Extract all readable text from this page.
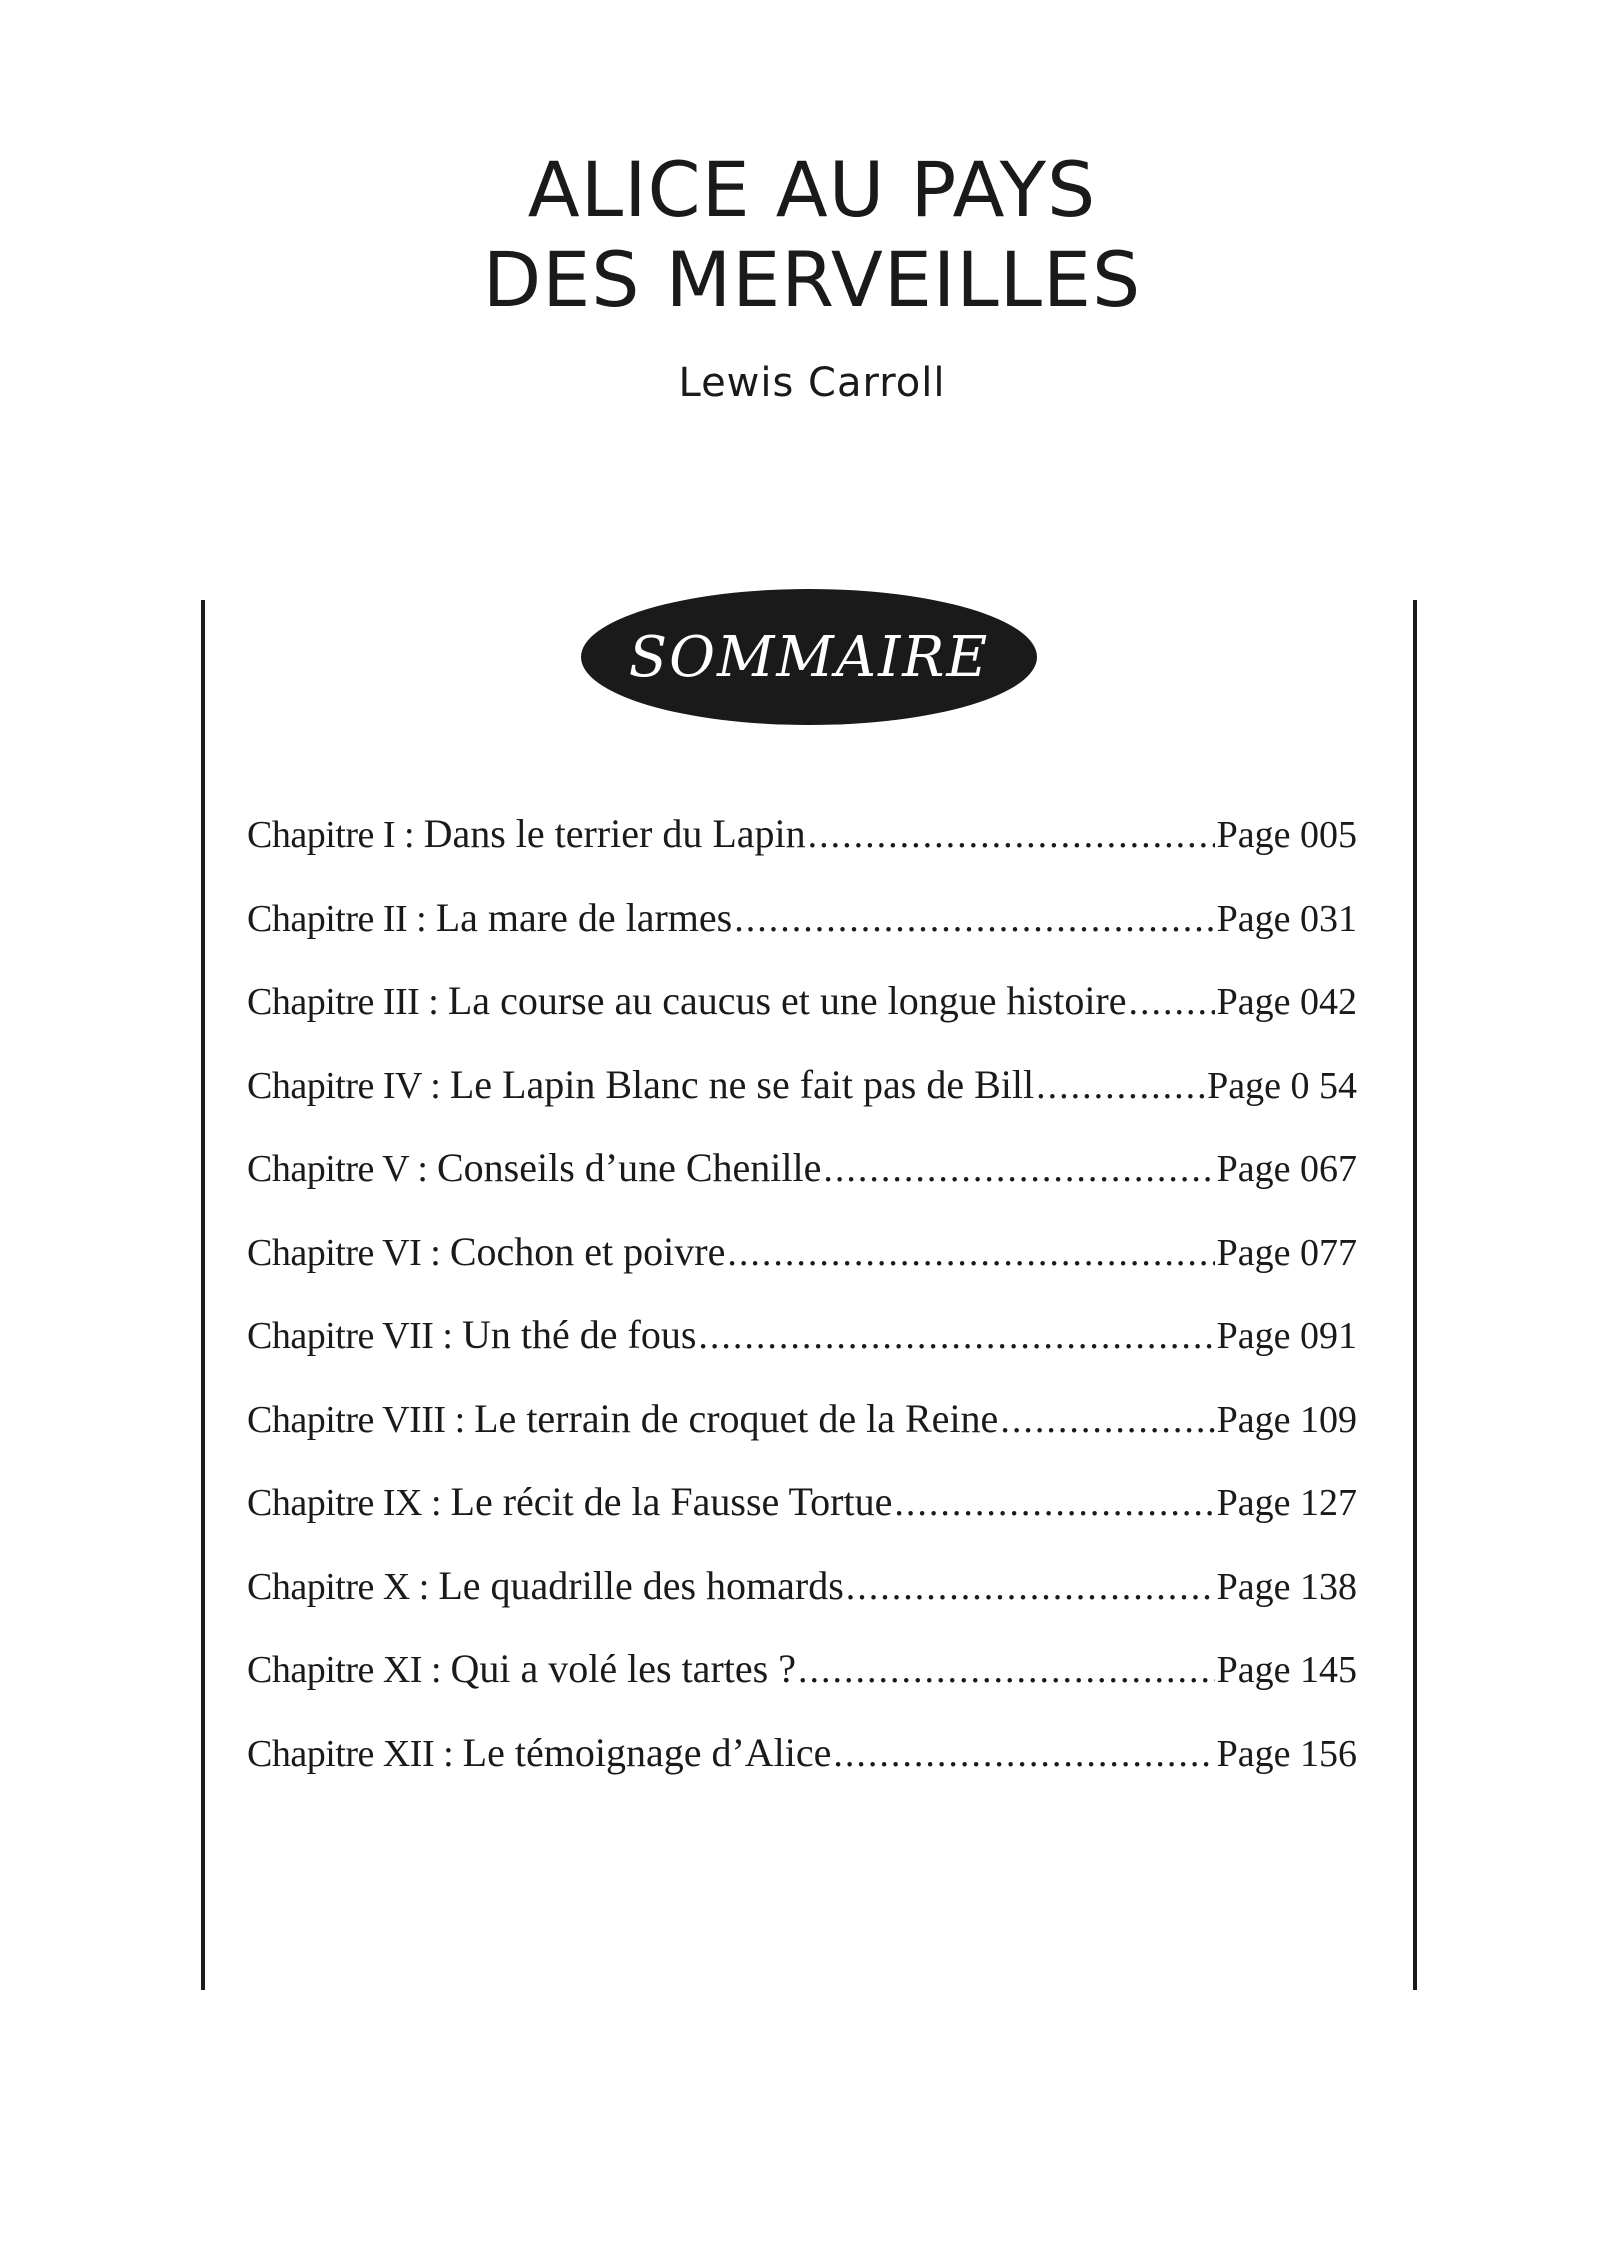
ALICE AU PAYS
DES MERVEILLES
Lewis Carroll
SOMMAIRE
Chapitre I : Dans le terrier du Lapin .....	Page 005
Chapitre II : La mare de larmes .....	Page 031
Chapitre III : La course au caucus et une longue histoire ..... Page 042
Chapitre IV : Le Lapin Blanc ne se fait pas de Bill .....	Page 0 54
Chapitre V : Conseils d’une Chenille .....	Page 067
Chapitre VI : Cochon et poivre .....	Page 077
Chapitre VII : Un thé de fous .....	Page 091
Chapitre VIII : Le terrain de croquet de la Reine .....	Page 109
Chapitre IX : Le récit de la Fausse Tortue .....	Page 127
Chapitre X : Le quadrille des homards .....	Page 138
Chapitre XI : Qui a volé les tartes ? .....	Page 145
Chapitre XII : Le témoignage d’Alice .....	Page 156
